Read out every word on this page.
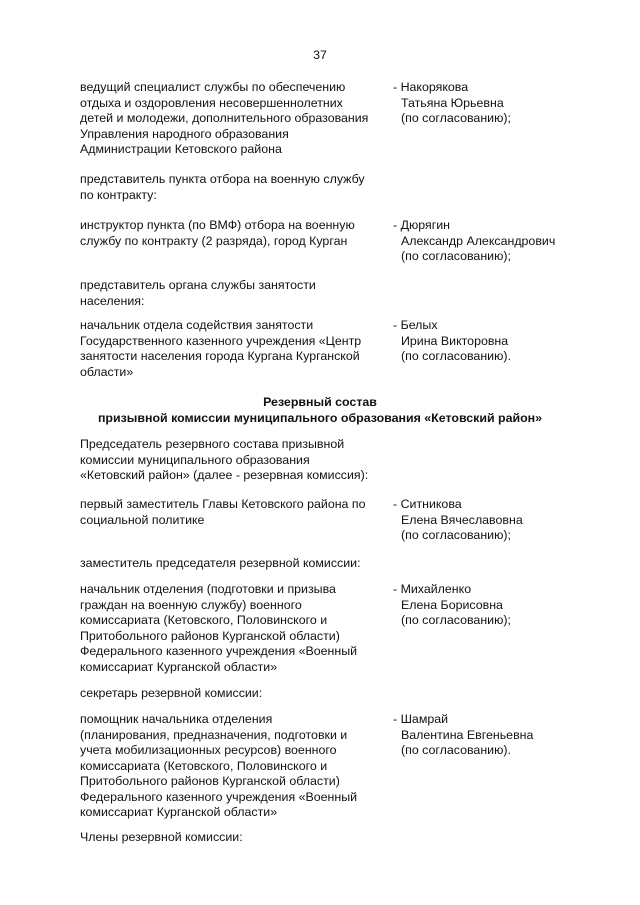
37
ведущий специалист службы по обеспечению
отдыха и оздоровления несовершеннолетних
детей и молодежи, дополнительного образования
Управления народного образования
Администрации Кетовского района
- Накорякова
Татьяна Юрьевна
(по согласованию);
представитель пункта отбора на военную службу
по контракту:
инструктор пункта (по ВМФ) отбора на военную
службу по контракту (2 разряда), город Курган
- Дюрягин
Александр Александрович
(по согласованию);
представитель органа службы занятости
населения:
начальник отдела содействия занятости
Государственного казенного учреждения «Центр
занятости населения города Кургана Курганской
области»
- Белых
Ирина Викторовна
(по согласованию).
Резервный состав
призывной комиссии муниципального образования «Кетовский район»
Председатель резервного состава призывной
комиссии муниципального образования
«Кетовский район» (далее - резервная комиссия):
первый заместитель Главы Кетовского района по
социальной политике
- Ситникова
Елена Вячеславовна
(по согласованию);
заместитель председателя резервной комиссии:
начальник отделения (подготовки и призыва
граждан на военную службу) военного
комиссариата (Кетовского, Половинского и
Притобольного районов Курганской области)
Федерального казенного учреждения «Военный
комиссариат Курганской области»
- Михайленко
Елена Борисовна
(по согласованию);
секретарь резервной комиссии:
помощник начальника отделения
(планирования, предназначения, подготовки и
учета мобилизационных ресурсов) военного
комиссариата (Кетовского, Половинского и
Притобольного районов Курганской области)
Федерального казенного учреждения «Военный
комиссариат Курганской области»
- Шамрай
Валентина Евгеньевна
(по согласованию).
Члены резервной комиссии:
